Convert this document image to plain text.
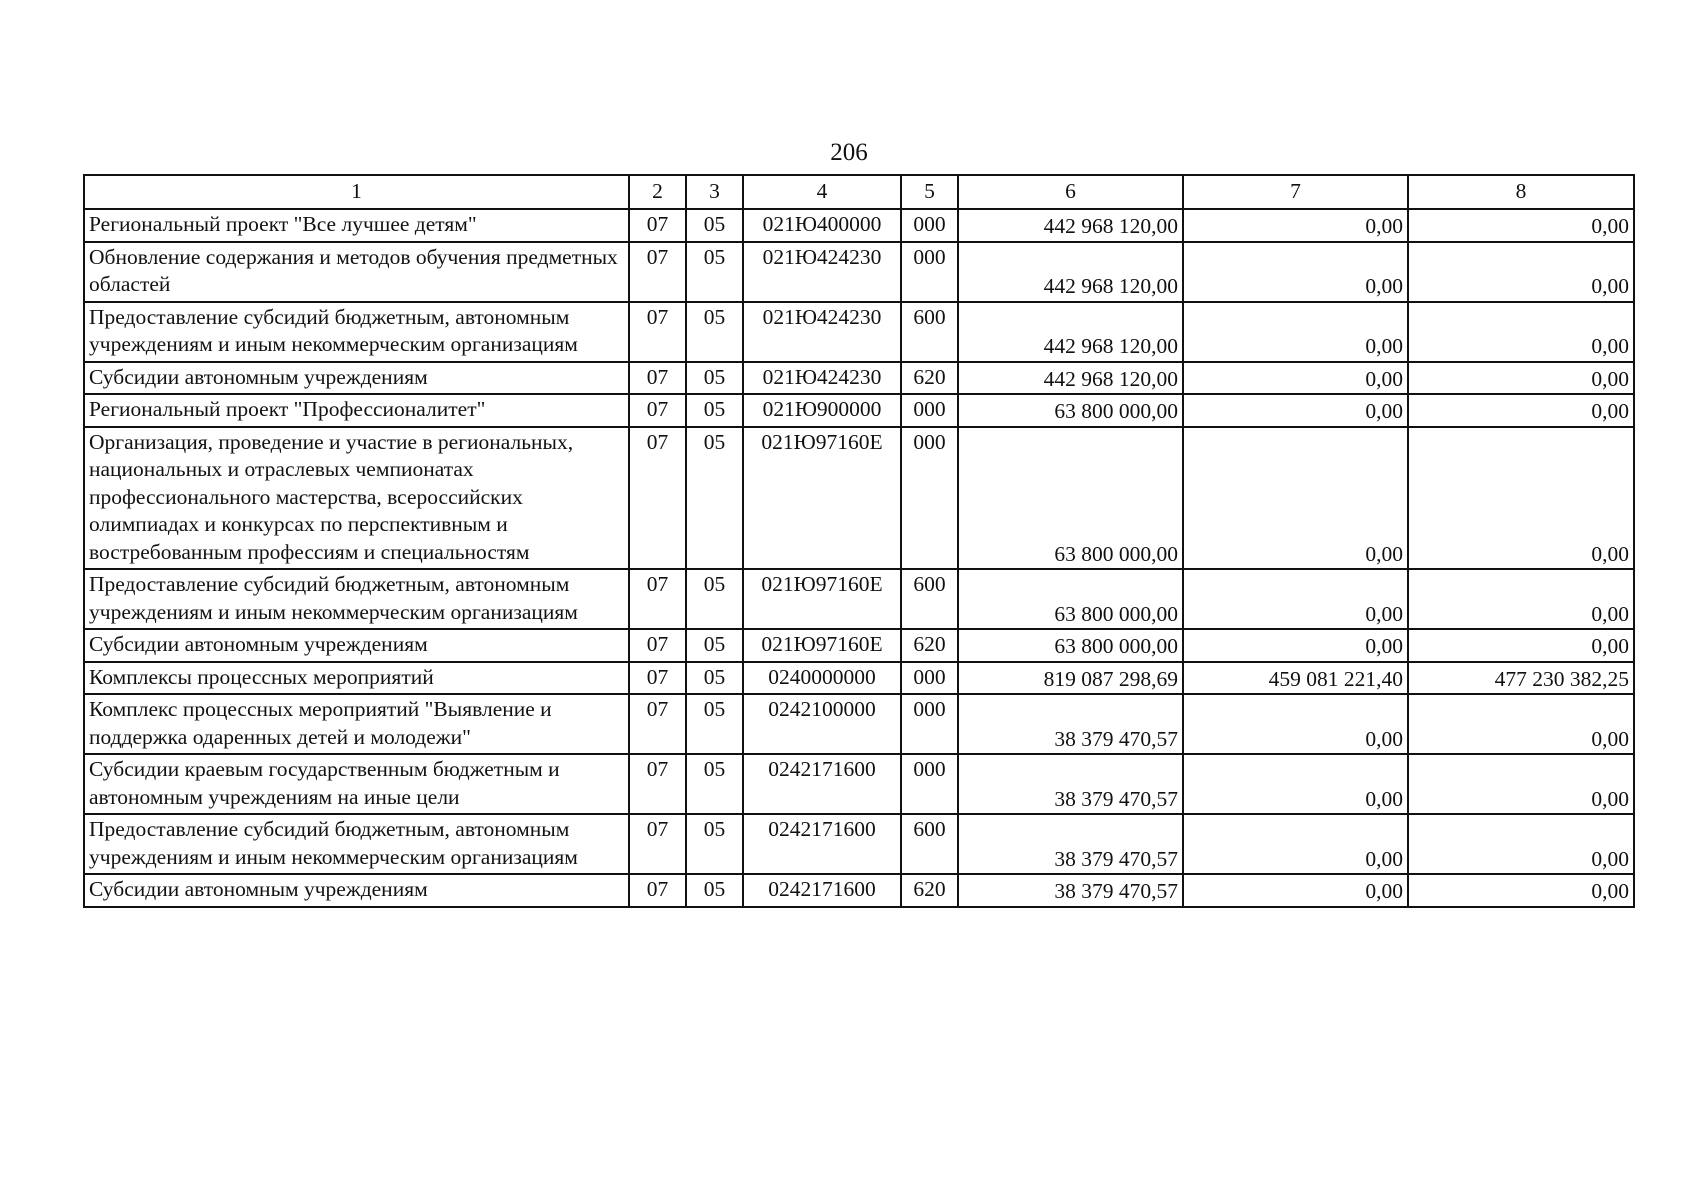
206
1	2	3	4	5	6	7	8
Региональный проект "Все лучшее детям"	07	05	021Ю400000	000	442 968 120,00	0,00	0,00
Обновление содержания и методов обучения предметных областей	07	05	021Ю424230	000	442 968 120,00	0,00	0,00
Предоставление субсидий бюджетным, автономным учреждениям и иным некоммерческим организациям	07	05	021Ю424230	600	442 968 120,00	0,00	0,00
Субсидии автономным учреждениям	07	05	021Ю424230	620	442 968 120,00	0,00	0,00
Региональный проект "Профессионалитет"	07	05	021Ю900000	000	63 800 000,00	0,00	0,00
Организация, проведение и участие в региональных, национальных и отраслевых чемпионатах профессионального мастерства, всероссийских олимпиадах и конкурсах по перспективным и востребованным профессиям и специальностям	07	05	021Ю97160Е	000	63 800 000,00	0,00	0,00
Предоставление субсидий бюджетным, автономным учреждениям и иным некоммерческим организациям	07	05	021Ю97160Е	600	63 800 000,00	0,00	0,00
Субсидии автономным учреждениям	07	05	021Ю97160Е	620	63 800 000,00	0,00	0,00
Комплексы процессных мероприятий	07	05	0240000000	000	819 087 298,69	459 081 221,40	477 230 382,25
Комплекс процессных мероприятий "Выявление и поддержка одаренных детей и молодежи"	07	05	0242100000	000	38 379 470,57	0,00	0,00
Субсидии краевым государственным бюджетным и автономным учреждениям на иные цели	07	05	0242171600	000	38 379 470,57	0,00	0,00
Предоставление субсидий бюджетным, автономным учреждениям и иным некоммерческим организациям	07	05	0242171600	600	38 379 470,57	0,00	0,00
Субсидии автономным учреждениям	07	05	0242171600	620	38 379 470,57	0,00	0,00
